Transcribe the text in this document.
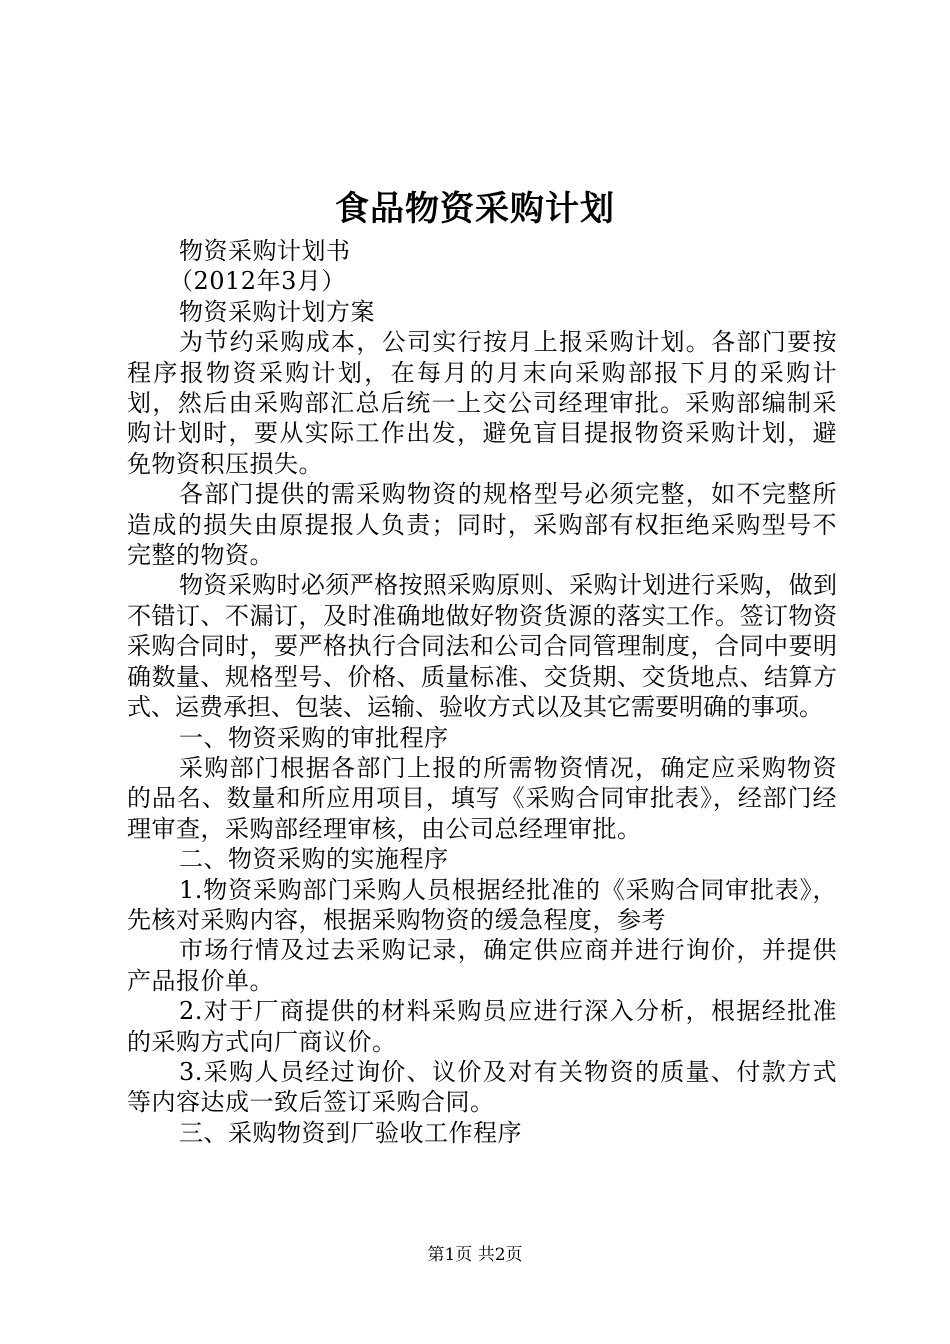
食品物资采购计划

物资采购计划书

（2012年3月）

物资采购计划方案

为节约采购成本，公司实行按月上报采购计划。各部门要按程序报物资采购计划，在每月的月末向采购部报下月的采购计划，然后由采购部汇总后统一上交公司经理审批。采购部编制采购计划时，要从实际工作出发，避免盲目提报物资采购计划，避免物资积压损失。

各部门提供的需采购物资的规格型号必须完整，如不完整所造成的损失由原提报人负责；同时，采购部有权拒绝采购型号不完整的物资。

物资采购时必须严格按照采购原则、采购计划进行采购，做到不错订、不漏订，及时准确地做好物资货源的落实工作。签订物资采购合同时，要严格执行合同法和公司合同管理制度，合同中要明确数量、规格型号、价格、质量标准、交货期、交货地点、结算方式、运费承担、包装、运输、验收方式以及其它需要明确的事项。

一、物资采购的审批程序

采购部门根据各部门上报的所需物资情况，确定应采购物资的品名、数量和所应用项目，填写《采购合同审批表》，经部门经理审查，采购部经理审核，由公司总经理审批。

二、物资采购的实施程序

1.物资采购部门采购人员根据经批准的《采购合同审批表》，先核对采购内容，根据采购物资的缓急程度，参考

市场行情及过去采购记录，确定供应商并进行询价，并提供产品报价单。

2.对于厂商提供的材料采购员应进行深入分析，根据经批准的采购方式向厂商议价。

3.采购人员经过询价、议价及对有关物资的质量、付款方式等内容达成一致后签订采购合同。

三、采购物资到厂验收工作程序

第1页 共2页
